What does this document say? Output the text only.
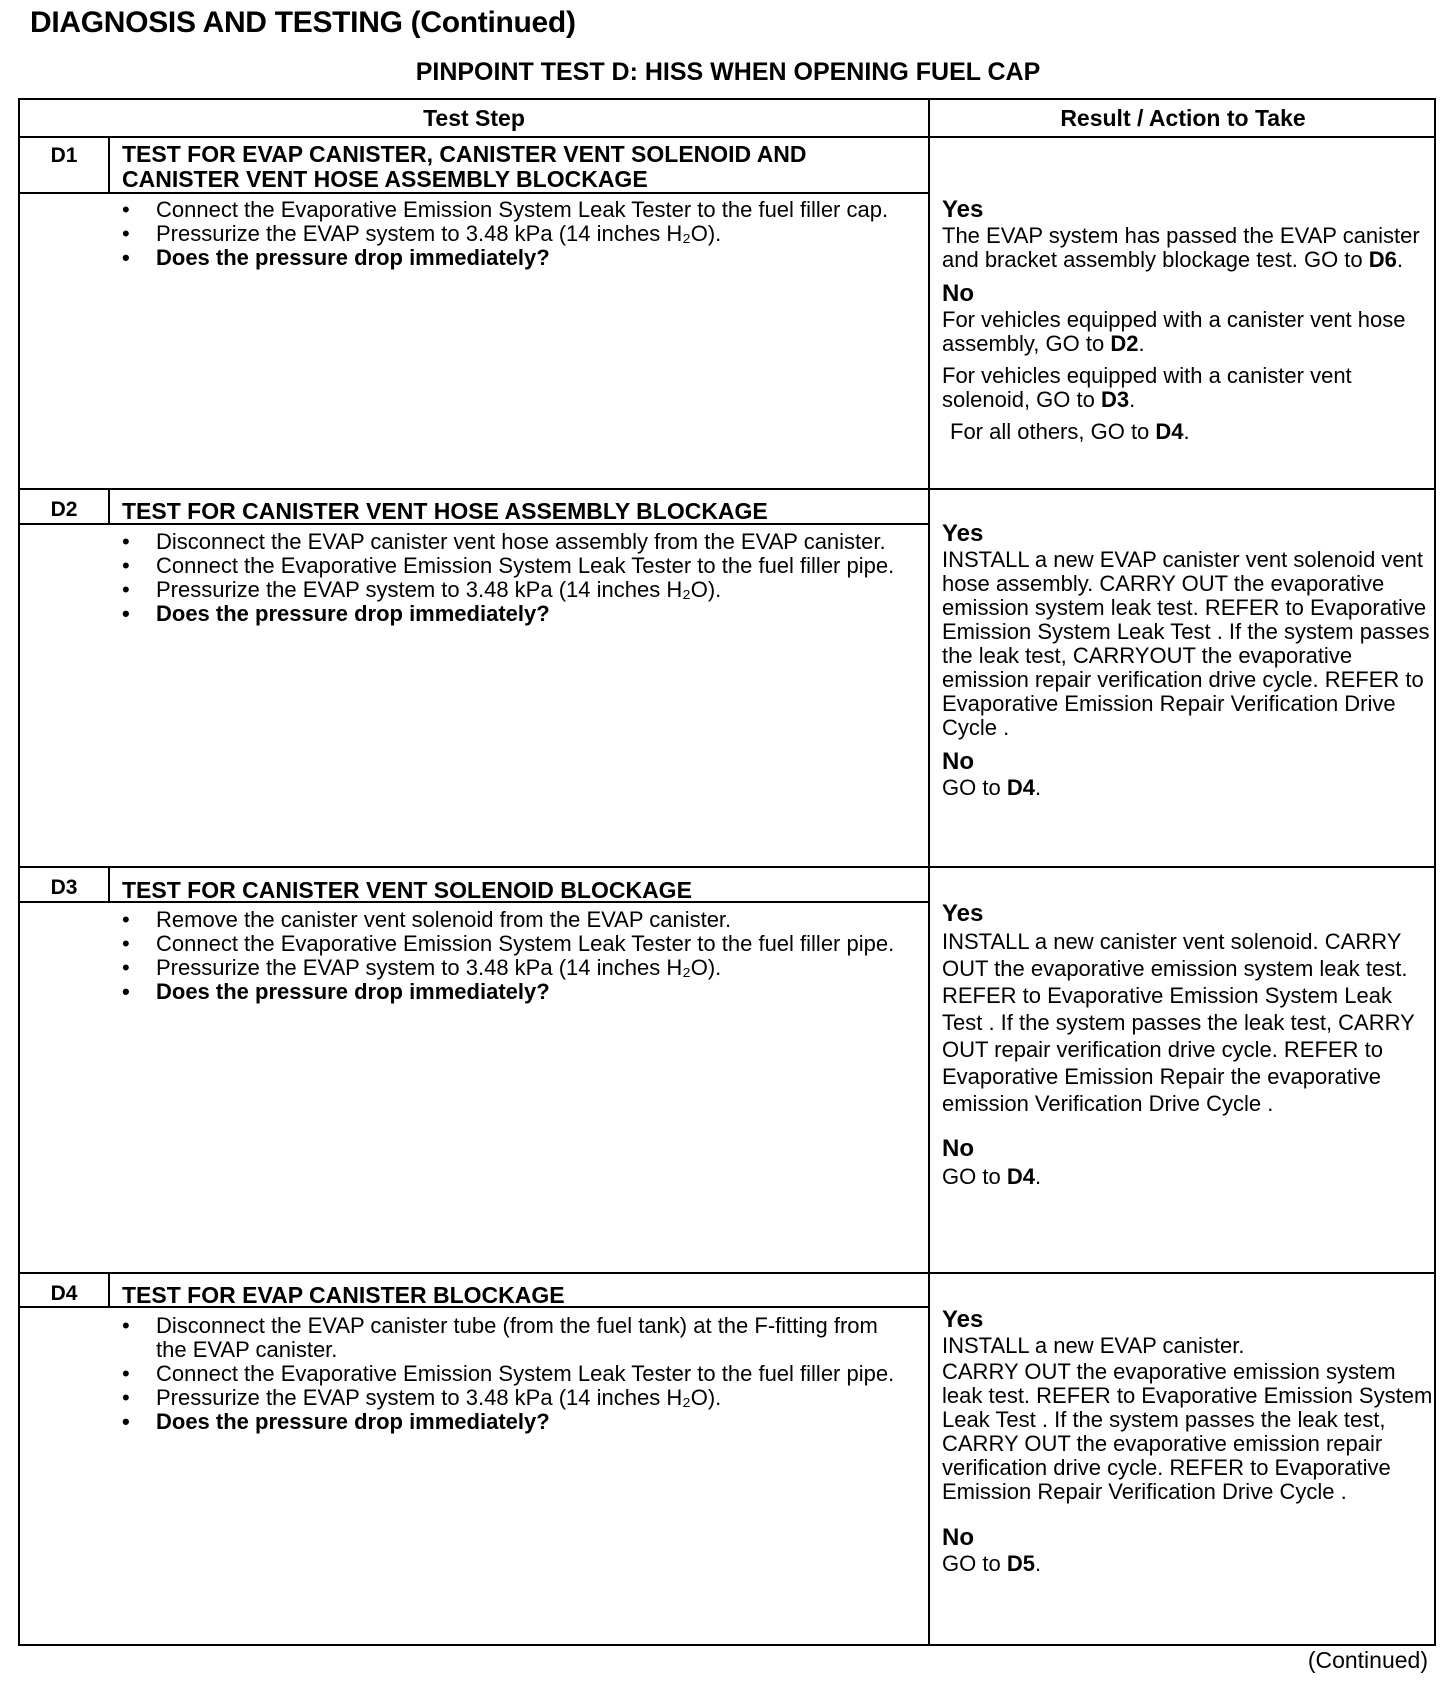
DIAGNOSIS AND TESTING (Continued)
PINPOINT TEST D: HISS WHEN OPENING FUEL CAP
Test Step	Result / Action to Take
D1	TEST FOR EVAP CANISTER, CANISTER VENT SOLENOID AND CANISTER VENT HOSE ASSEMBLY BLOCKAGE
• Connect the Evaporative Emission System Leak Tester to the fuel filler cap.
• Pressurize the EVAP system to 3.48 kPa (14 inches H₂O).
• Does the pressure drop immediately?
Yes

The EVAP system has passed the EVAP canister and bracket assembly blockage test. GO to D6.

No

For vehicles equipped with a canister vent hose assembly, GO to D2.

For vehicles equipped with a canister vent solenoid, GO to D3.

For all others, GO to D4.

D2	TEST FOR CANISTER VENT HOSE ASSEMBLY BLOCKAGE
• Disconnect the EVAP canister vent hose assembly from the EVAP canister.
• Connect the Evaporative Emission System Leak Tester to the fuel filler pipe.
• Pressurize the EVAP system to 3.48 kPa (14 inches H₂O).
• Does the pressure drop immediately?
Yes

INSTALL a new EVAP canister vent solenoid vent hose assembly. CARRY OUT the evaporative emission system leak test. REFER to Evaporative Emission System Leak Test . If the system passes the leak test, CARRYOUT the evaporative emission repair verification drive cycle. REFER to Evaporative Emission Repair Verification Drive Cycle .

No

GO to D4.

D3	TEST FOR CANISTER VENT SOLENOID BLOCKAGE
• Remove the canister vent solenoid from the EVAP canister.
• Connect the Evaporative Emission System Leak Tester to the fuel filler pipe.
• Pressurize the EVAP system to 3.48 kPa (14 inches H₂O).
• Does the pressure drop immediately?
Yes

INSTALL a new canister vent solenoid. CARRY OUT the evaporative emission system leak test.

REFER to Evaporative Emission System Leak Test . If the system passes the leak test, CARRY OUT repair verification drive cycle. REFER to Evaporative Emission Repair the evaporative emission Verification Drive Cycle .

No

GO to D4.

D4	TEST FOR EVAP CANISTER BLOCKAGE
• Disconnect the EVAP canister tube (from the fuel tank) at the F-fitting from the EVAP canister.
• Connect the Evaporative Emission System Leak Tester to the fuel filler pipe.
• Pressurize the EVAP system to 3.48 kPa (14 inches H₂O).
• Does the pressure drop immediately?
Yes

INSTALL a new EVAP canister.

CARRY OUT the evaporative emission system leak test. REFER to Evaporative Emission System Leak Test . If the system passes the leak test, CARRY OUT the evaporative emission repair verification drive cycle. REFER to Evaporative Emission Repair Verification Drive Cycle .

No

GO to D5.

(Continued)
